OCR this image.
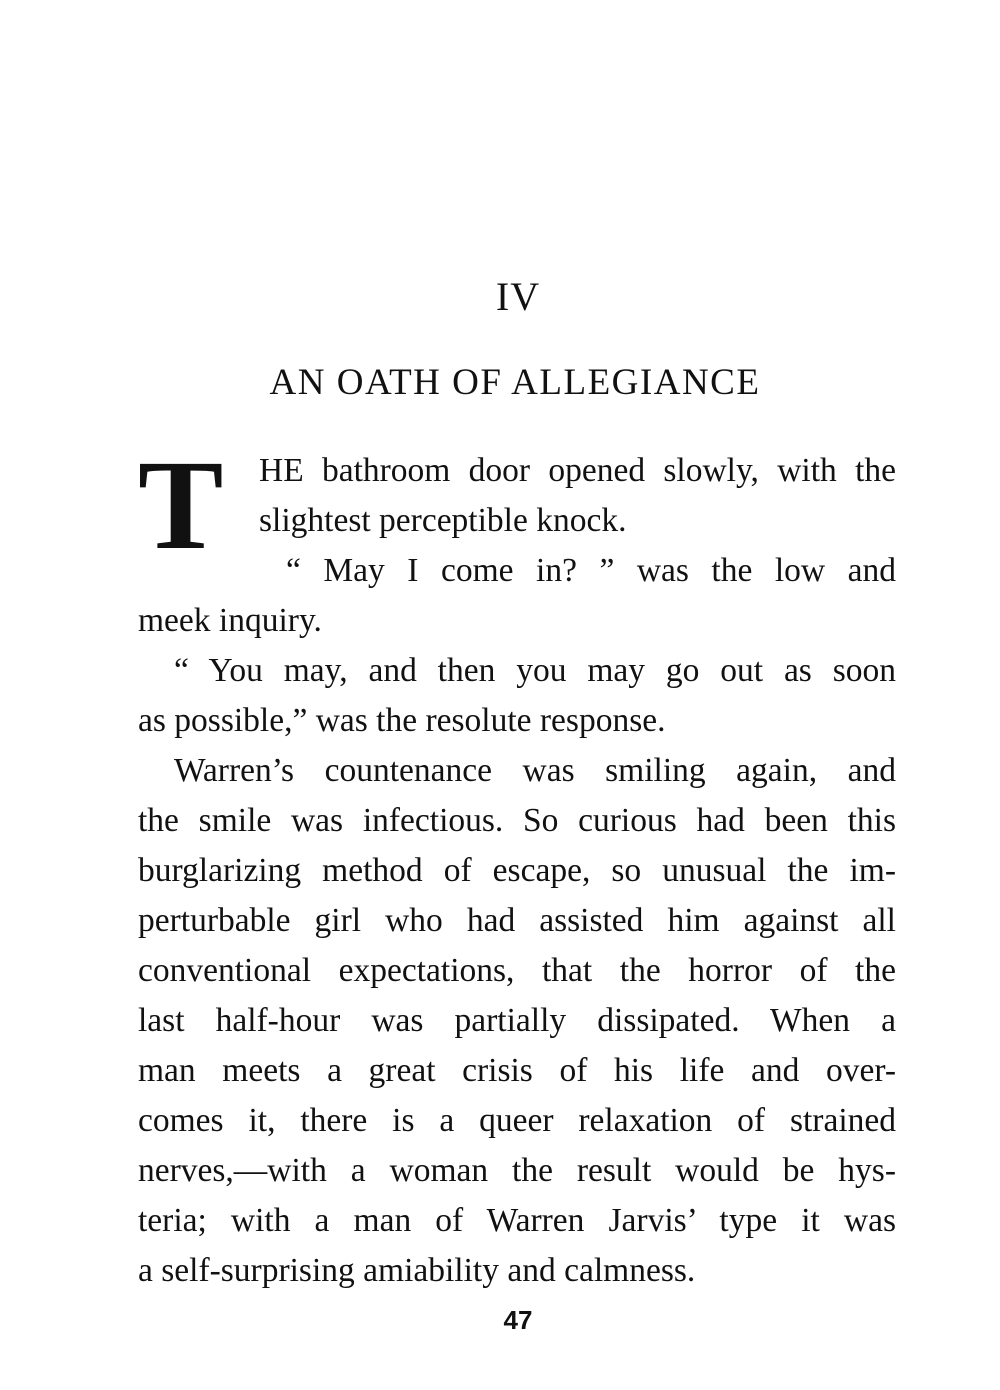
IV
AN OATH OF ALLEGIANCE
T HE bathroom door opened slowly, with the
slightest perceptible knock.
“ May I come in? ” was the low and
meek inquiry.
“ You may, and then you may go out as soon
as possible,” was the resolute response.
Warren’s countenance was smiling again, and
the smile was infectious. So curious had been this
burglarizing method of escape, so unusual the im-
perturbable girl who had assisted him against all
conventional expectations, that the horror of the
last half-hour was partially dissipated. When a
man meets a great crisis of his life and over-
comes it, there is a queer relaxation of strained
nerves,—with a woman the result would be hys-
teria; with a man of Warren Jarvis’ type it was
a self-surprising amiability and calmness.
47
